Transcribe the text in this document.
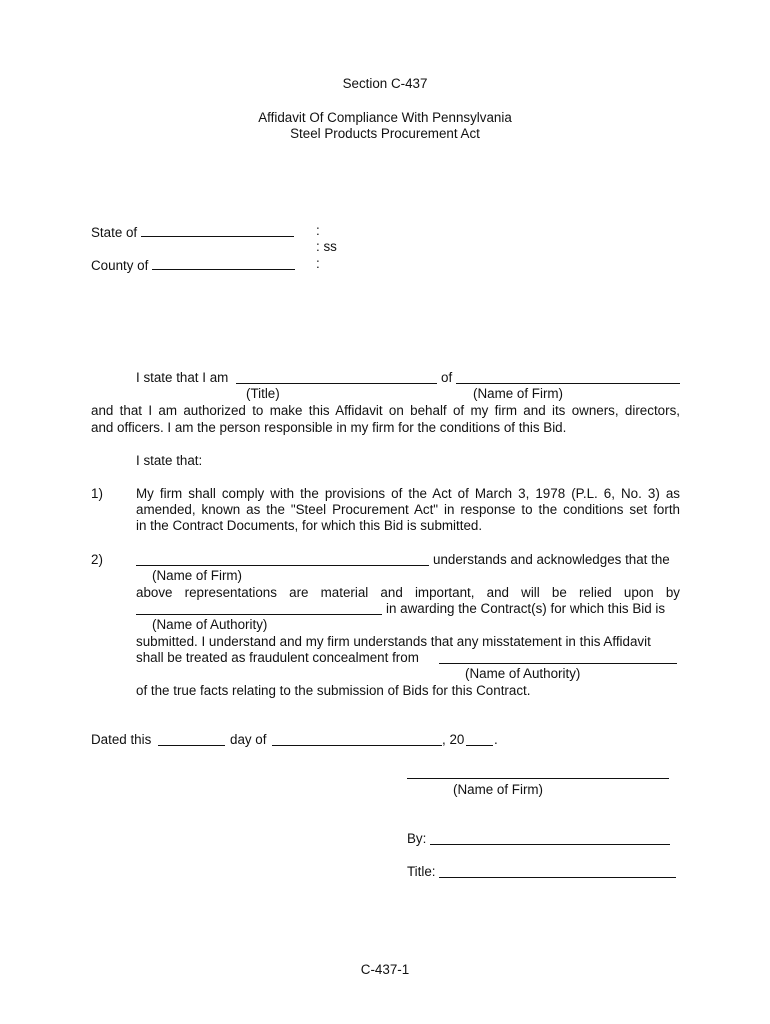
Section C-437
Affidavit Of Compliance With Pennsylvania
Steel Products Procurement Act
State of	:
: ss
County of	:
I state that I am	of
(Title)	(Name of Firm)
and that I am authorized to make this Affidavit on behalf of my firm and its owners, directors,
and officers. I am the person responsible in my firm for the conditions of this Bid.
I state that:
1) My firm shall comply with the provisions of the Act of March 3, 1978 (P.L. 6, No. 3) as
amended, known as the "Steel Procurement Act" in response to the conditions set forth
in the Contract Documents, for which this Bid is submitted.
2)	understands and acknowledges that the
(Name of Firm)
above representations are material and important, and will be relied upon by
in awarding the Contract(s) for which this Bid is
(Name of Authority)
submitted. I understand and my firm understands that any misstatement in this Affidavit
shall be treated as fraudulent concealment from
(Name of Authority)
of the true facts relating to the submission of Bids for this Contract.
Dated this	day of	, 20 .
(Name of Firm)
By:
Title:
C-437-1
